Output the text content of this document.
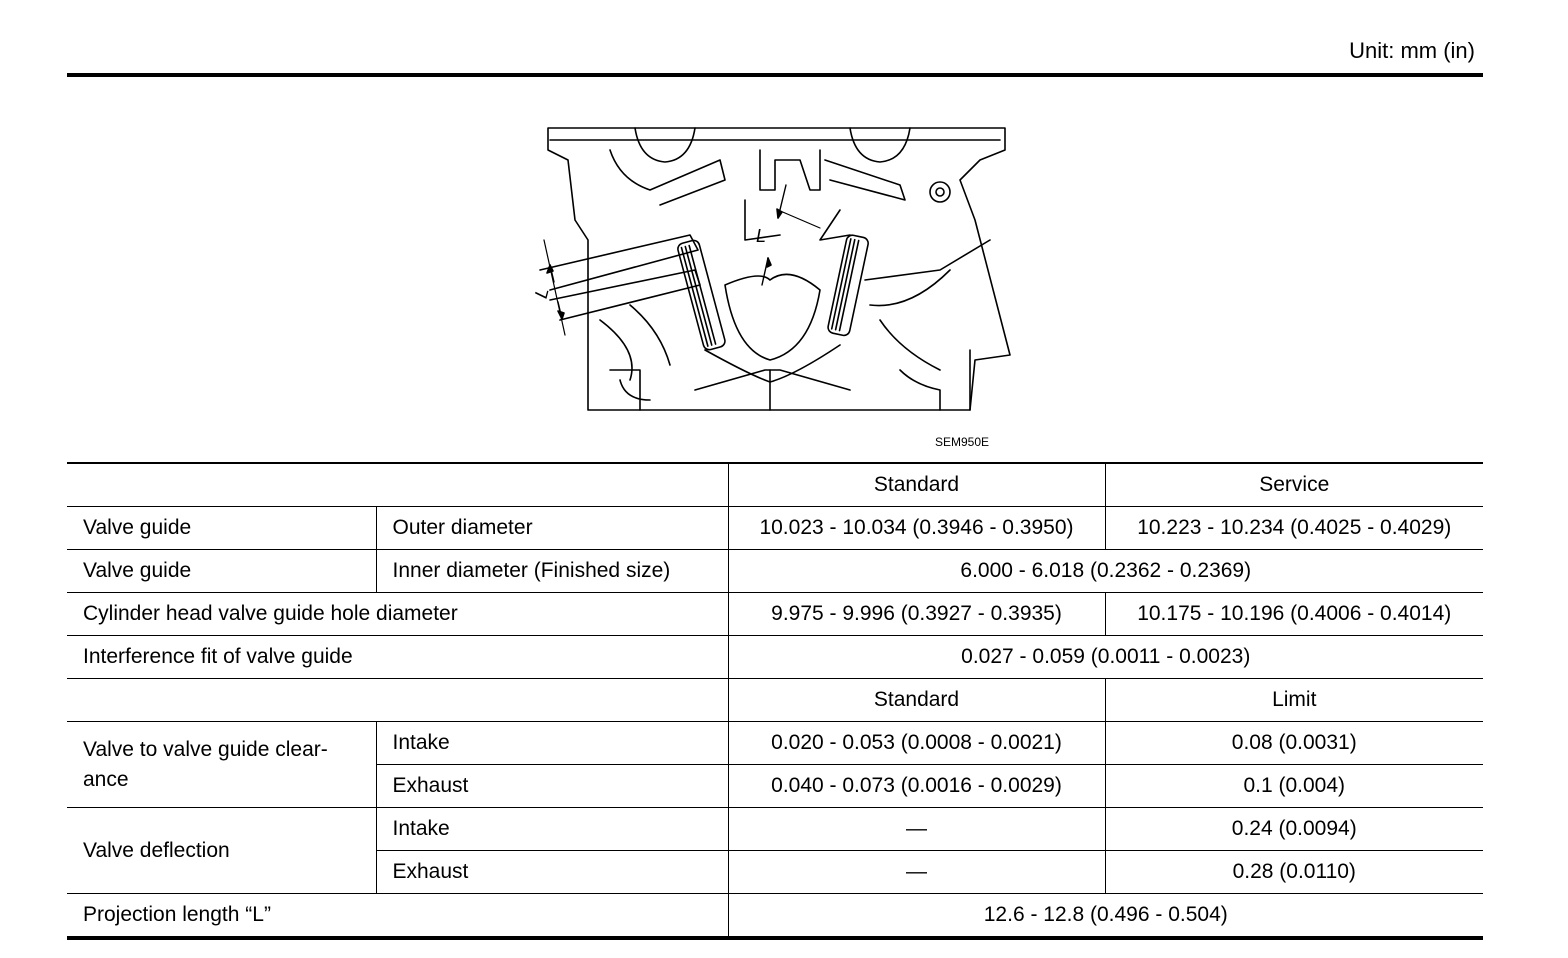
Unit: mm (in)
L
L
SEM950E
		Standard	Service
Valve guide	Outer diameter	10.023 - 10.034 (0.3946 - 0.3950)	10.223 - 10.234 (0.4025 - 0.4029)
Valve guide	Inner diameter (Finished size)	6.000 - 6.018 (0.2362 - 0.2369)	
Cylinder head valve guide hole diameter		9.975 - 9.996 (0.3927 - 0.3935)	10.175 - 10.196 (0.4006 - 0.4014)
Interference fit of valve guide		0.027 - 0.059 (0.0011 - 0.0023)	
		Standard	Limit

Valve to valve guide clear-ance	Intake	0.020 - 0.053 (0.0008 - 0.0021)	0.08 (0.0031)
	Exhaust	0.040 - 0.073 (0.0016 - 0.0029)	0.1 (0.004)
Valve deflection	Intake	—	0.24 (0.0094)
	Exhaust	—	0.28 (0.0110)
Projection length “L”		12.6 - 12.8 (0.496 - 0.504)	
